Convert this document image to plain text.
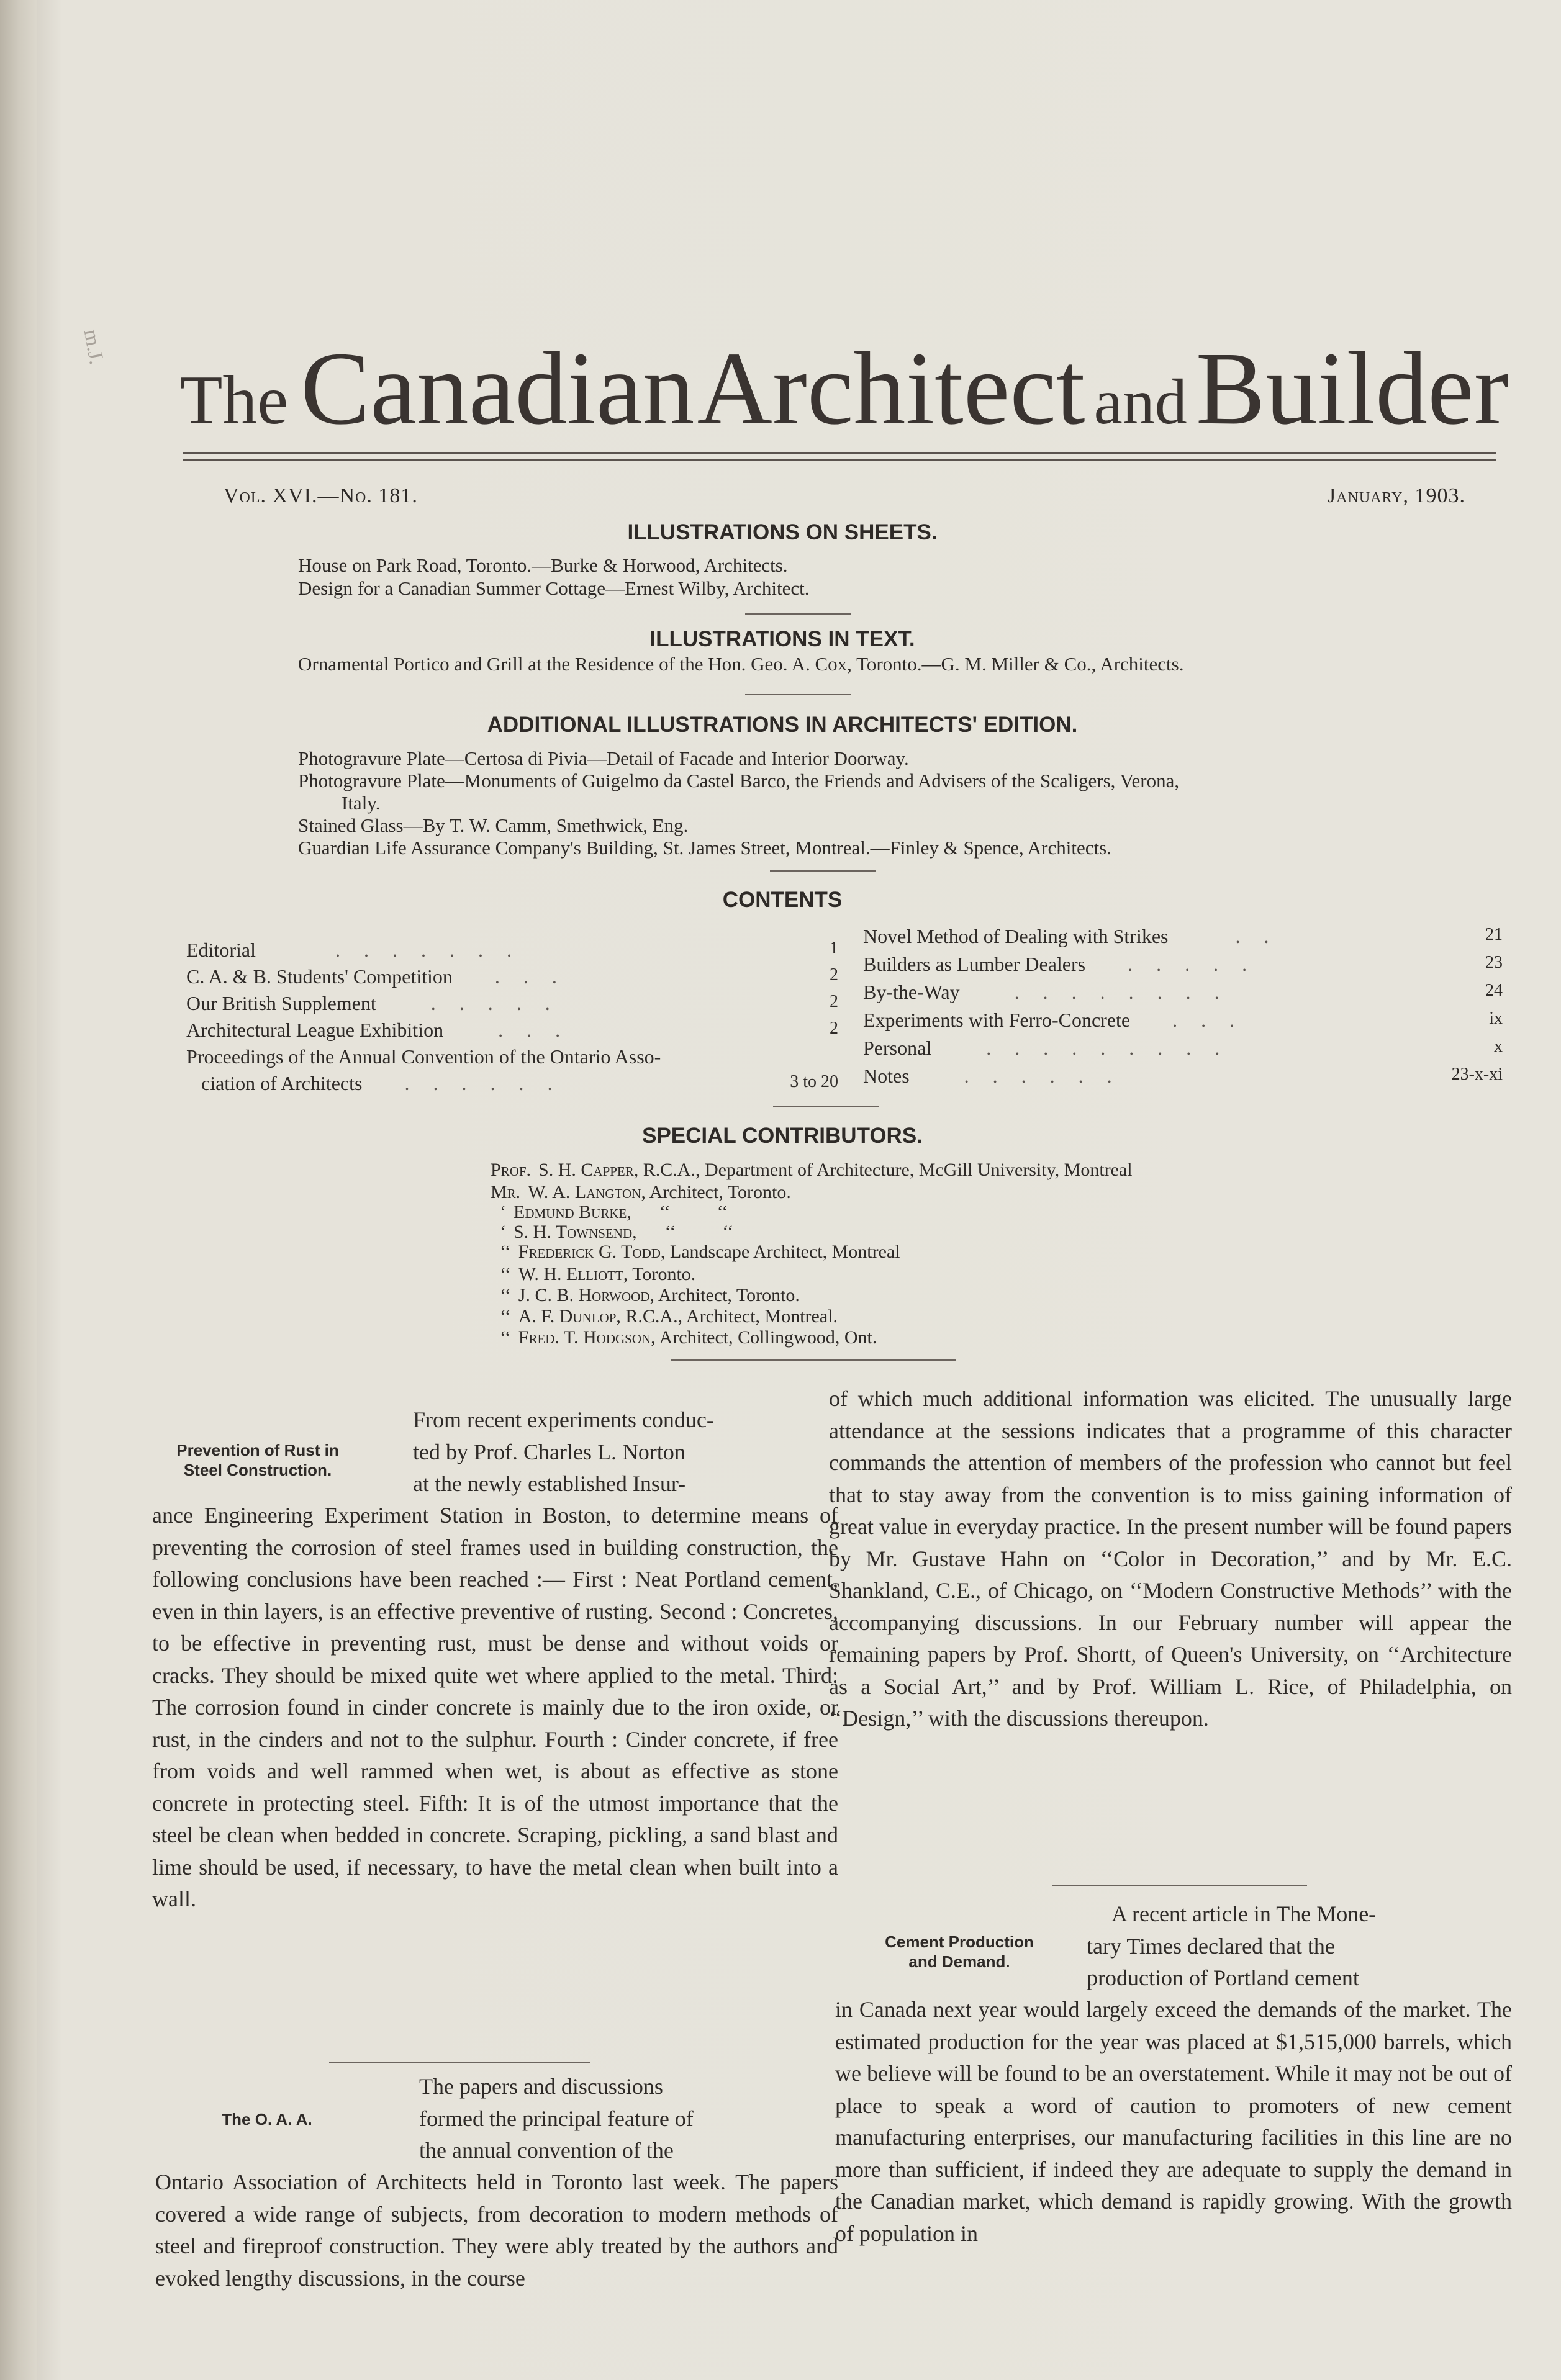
m.J.
The Canadian
Architect and Builder
Vol. XVI.—No. 181.	January, 1903.
ILLUSTRATIONS ON SHEETS.
House on Park Road, Toronto.—Burke & Horwood, Architects.
Design for a Canadian Summer Cottage—Ernest Wilby, Architect.
ILLUSTRATIONS IN TEXT.
Ornamental Portico and Grill at the Residence of the Hon. Geo. A. Cox, Toronto.—G. M. Miller & Co., Architects.
ADDITIONAL ILLUSTRATIONS IN ARCHITECTS' EDITION.
Photogravure Plate—Certosa di Pivia—Detail of Facade and Interior Doorway.
Photogravure Plate—Monuments of Guigelmo da Castel Barco, the Friends and Advisers of the Scaligers, Verona,
Italy.
Stained Glass—By T. W. Camm, Smethwick, Eng.
Guardian Life Assurance Company's Building, St. James Street, Montreal.—Finley & Spence, Architects.
CONTENTS
Editorial	.......	1
C. A. & B. Students' Competition ...	2
Our British Supplement	.....	2
Architectural League Exhibition	...	2
Proceedings of the Annual Convention of the Ontario Asso-
ciation of Architects ......	3 to 20
Novel Method of Dealing with Strikes	..	21
Builders as Lumber Dealers .....	23
By-the-Way	........	24
Experiments with Ferro-Concrete ...	ix
Personal	.........	x
Notes	......	23-x-xi
SPECIAL CONTRIBUTORS.
Prof. S. H. Capper, R.C.A., Department of Architecture, McGill University, Montreal
Mr. W. A. Langton, Architect, Toronto.
‘ Edmund Burke,      ‘‘          ‘‘
‘ S. H. Townsend,      ‘‘          ‘‘
‘‘ Frederick G. Todd, Landscape Architect, Montreal
‘‘ W. H. Elliott, Toronto.
‘‘ J. C. B. Horwood, Architect, Toronto.
‘‘ A. F. Dunlop, R.C.A., Architect, Montreal.
‘‘ Fred. T. Hodgson, Architect, Collingwood, Ont.
Prevention of Rust in
Steel Construction.
From recent experiments conduc-
ted by Prof. Charles L. Norton
at the newly established Insur-
ance Engineering Experiment Station in Boston, to determine means of preventing the corrosion of steel frames used in building construction, the following conclusions have been reached :— First : Neat Portland cement, even in thin layers, is an effective preventive of rusting. Second : Concretes, to be effective in preventing rust, must be dense and without voids or cracks. They should be mixed quite wet where applied to the metal. Third: The corrosion found in cinder concrete is mainly due to the iron oxide, or rust, in the cinders and not to the sulphur. Fourth : Cinder concrete, if free from voids and well rammed when wet, is about as effective as stone concrete in protecting steel. Fifth: It is of the utmost importance that the steel be clean when bedded in concrete. Scraping, pickling, a sand blast and lime should be used, if necessary, to have the metal clean when built into a wall.
The O. A. A.
The papers and discussions
formed the principal feature of
the annual convention of the
Ontario Association of Architects held in Toronto last week. The papers covered a wide range of subjects, from decoration to modern methods of steel and fireproof construction. They were ably treated by the authors and evoked lengthy discussions, in the course
of which much additional information was elicited. The unusually large attendance at the sessions indicates that a programme of this character commands the attention of members of the profession who cannot but feel that to stay away from the convention is to miss gaining information of great value in everyday practice. In the present number will be found papers by Mr. Gustave Hahn on ‘‘Color in Decoration,’’ and by Mr. E.C. Shankland, C.E., of Chicago, on ‘‘Modern Constructive Methods’’ with the accompanying discussions. In our February number will appear the remaining papers by Prof. Shortt, of Queen's University, on ‘‘Architecture as a Social Art,’’ and by Prof. William L. Rice, of Philadelphia, on ‘‘Design,’’ with the discussions thereupon.
Cement Production
and Demand.
A recent article in The Mone-
tary Times declared that the
production of Portland cement
in Canada next year would largely exceed the demands of the market. The estimated production for the year was placed at $1,515,000 barrels, which we believe will be found to be an overstatement. While it may not be out of place to speak a word of caution to promoters of new cement manufacturing enterprises, our manufacturing facilities in this line are no more than sufficient, if indeed they are adequate to supply the demand in the Canadian market, which demand is rapidly growing. With the growth of population in
